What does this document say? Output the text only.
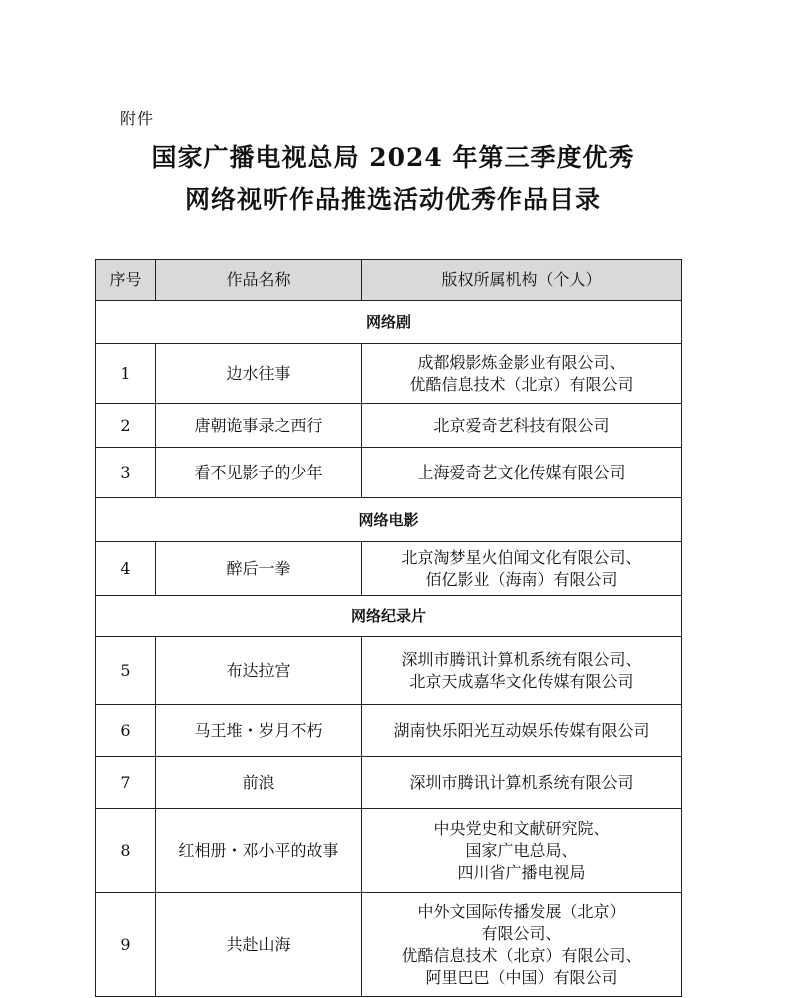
附件
国家广播电视总局 2024 年第三季度优秀
网络视听作品推选活动优秀作品目录
序号	作品名称	版权所属机构（个人）
网络剧		
1	边水往事	成都煅影炼金影业有限公司、
优酷信息技术（北京）有限公司

2	唐朝诡事录之西行	北京爱奇艺科技有限公司

3	看不见影子的少年	上海爱奇艺文化传媒有限公司

网络电影		
4	醉后一拳	北京淘梦星火伯闻文化有限公司、
佰亿影业（海南）有限公司

网络纪录片		
5	布达拉宫	深圳市腾讯计算机系统有限公司、
北京天成嘉华文化传媒有限公司

6	马王堆・岁月不朽	湖南快乐阳光互动娱乐传媒有限公司

7	前浪	深圳市腾讯计算机系统有限公司

8	红相册・邓小平的故事	中央党史和文献研究院、
国家广电总局、
四川省广播电视局

9	共赴山海	中外文国际传播发展（北京）
有限公司、
优酷信息技术（北京）有限公司、
阿里巴巴（中国）有限公司
